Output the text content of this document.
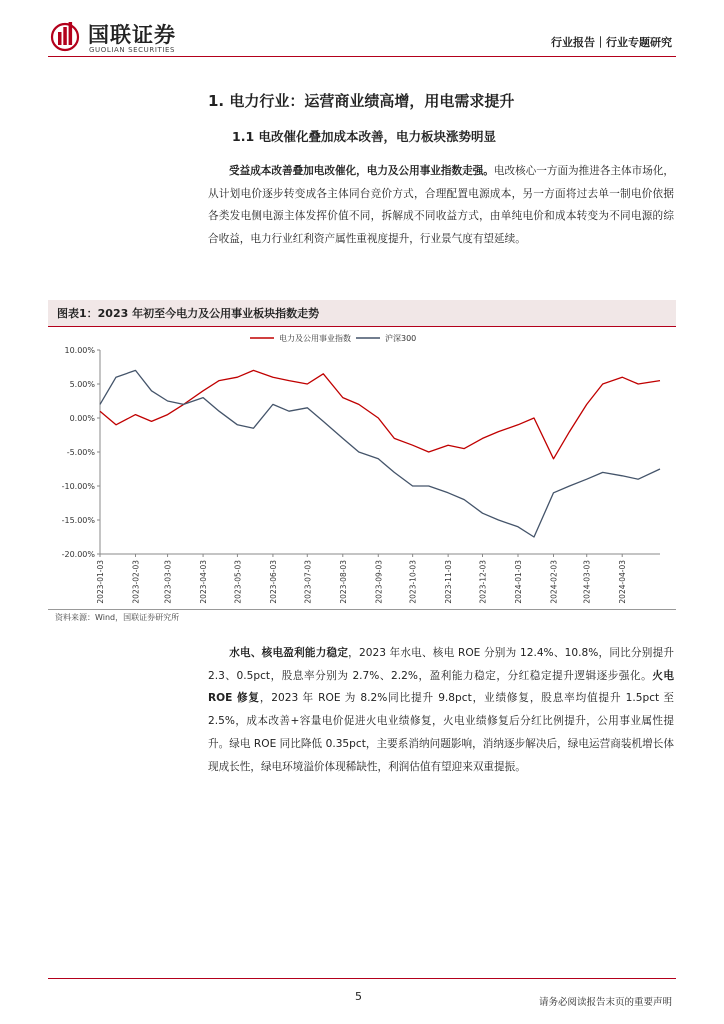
国联证券
GUOLIAN SECURITIES
行业报告｜行业专题研究
1. 电力行业：运营商业绩高增，用电需求提升
1.1 电改催化叠加成本改善，电力板块涨势明显
受益成本改善叠加电改催化，电力及公用事业指数走强。电改核心一方面为推进各主体市场化，从计划电价逐步转变成各主体同台竞价方式，合理配置电源成本，另一方面将过去单一制电价依据各类发电侧电源主体发挥价值不同，拆解成不同收益方式，由单纯电价和成本转变为不同电源的综合收益，电力行业红利资产属性重视度提升，行业景气度有望延续。
图表1：2023 年初至今电力及公用事业板块指数走势
10.00%
5.00%
0.00%
-5.00%
-10.00%
-15.00%
-20.00%
2023-01-03	2023-02-03	2023-03-03	2023-04-03	2023-05-03	2023-06-03	2023-07-03	2023-08-03	2023-09-03	2023-10-03	2023-11-03	2023-12-03	2024-01-03	2024-02-03	2024-03-03	2024-04-03
电力及公用事业指数	沪深300
资料来源：Wind，国联证券研究所
水电、核电盈利能力稳定，2023 年水电、核电 ROE 分别为 12.4%、10.8%，同比分别提升 2.3、0.5pct，股息率分别为 2.7%、2.2%，盈利能力稳定，分红稳定提升逻辑逐步强化。火电 ROE 修复，2023 年 ROE 为 8.2%同比提升 9.8pct，业绩修复，股息率均值提升 1.5pct 至 2.5%，成本改善+容量电价促进火电业绩修复，火电业绩修复后分红比例提升，公用事业属性提升。绿电 ROE 同比降低 0.35pct，主要系消纳问题影响，消纳逐步解决后，绿电运营商装机增长体现成长性，绿电环境溢价体现稀缺性，利润估值有望迎来双重提振。
5	请务必阅读报告末页的重要声明
